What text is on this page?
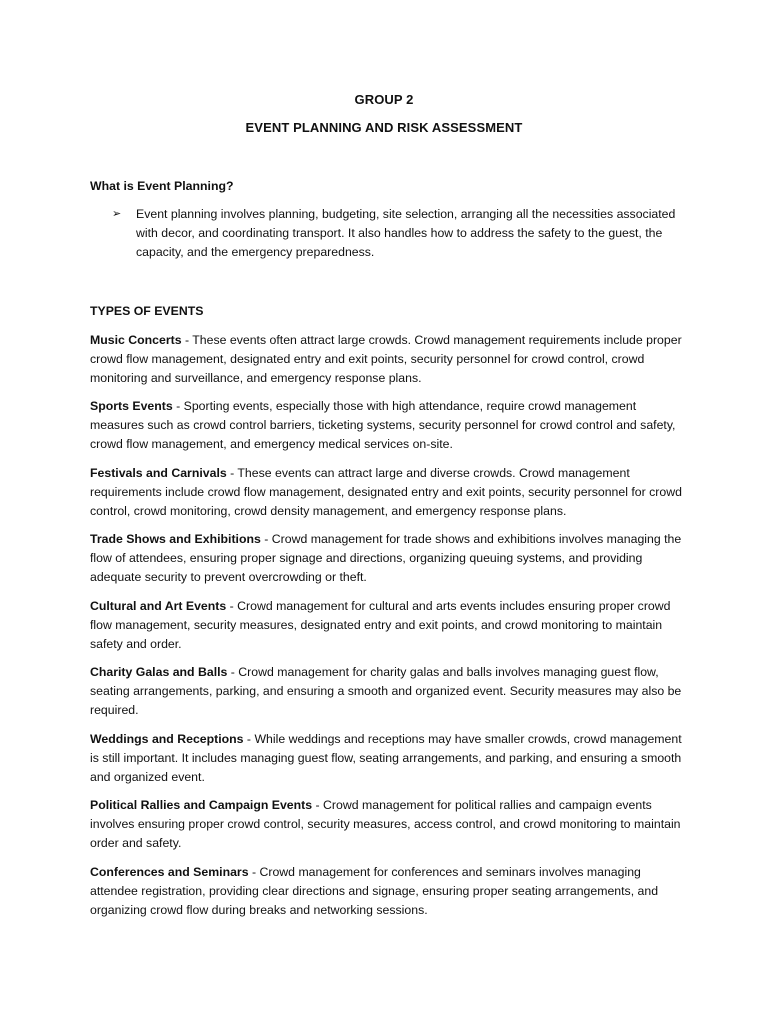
GROUP 2
EVENT PLANNING AND RISK ASSESSMENT
What is Event Planning?
➢ Event planning involves planning, budgeting, site selection, arranging all the necessities associated with decor, and coordinating transport. It also handles how to address the safety to the guest, the capacity, and the emergency preparedness.
TYPES OF EVENTS
Music Concerts - These events often attract large crowds. Crowd management requirements include proper crowd flow management, designated entry and exit points, security personnel for crowd control, crowd monitoring and surveillance, and emergency response plans.
Sports Events - Sporting events, especially those with high attendance, require crowd management measures such as crowd control barriers, ticketing systems, security personnel for crowd control and safety, crowd flow management, and emergency medical services on-site.
Festivals and Carnivals - These events can attract large and diverse crowds. Crowd management requirements include crowd flow management, designated entry and exit points, security personnel for crowd control, crowd monitoring, crowd density management, and emergency response plans.
Trade Shows and Exhibitions - Crowd management for trade shows and exhibitions involves managing the flow of attendees, ensuring proper signage and directions, organizing queuing systems, and providing adequate security to prevent overcrowding or theft.
Cultural and Art Events - Crowd management for cultural and arts events includes ensuring proper crowd flow management, security measures, designated entry and exit points, and crowd monitoring to maintain safety and order.
Charity Galas and Balls - Crowd management for charity galas and balls involves managing guest flow, seating arrangements, parking, and ensuring a smooth and organized event. Security measures may also be required.
Weddings and Receptions - While weddings and receptions may have smaller crowds, crowd management is still important. It includes managing guest flow, seating arrangements, and parking, and ensuring a smooth and organized event.
Political Rallies and Campaign Events - Crowd management for political rallies and campaign events involves ensuring proper crowd control, security measures, access control, and crowd monitoring to maintain order and safety.
Conferences and Seminars - Crowd management for conferences and seminars involves managing attendee registration, providing clear directions and signage, ensuring proper seating arrangements, and organizing crowd flow during breaks and networking sessions.
